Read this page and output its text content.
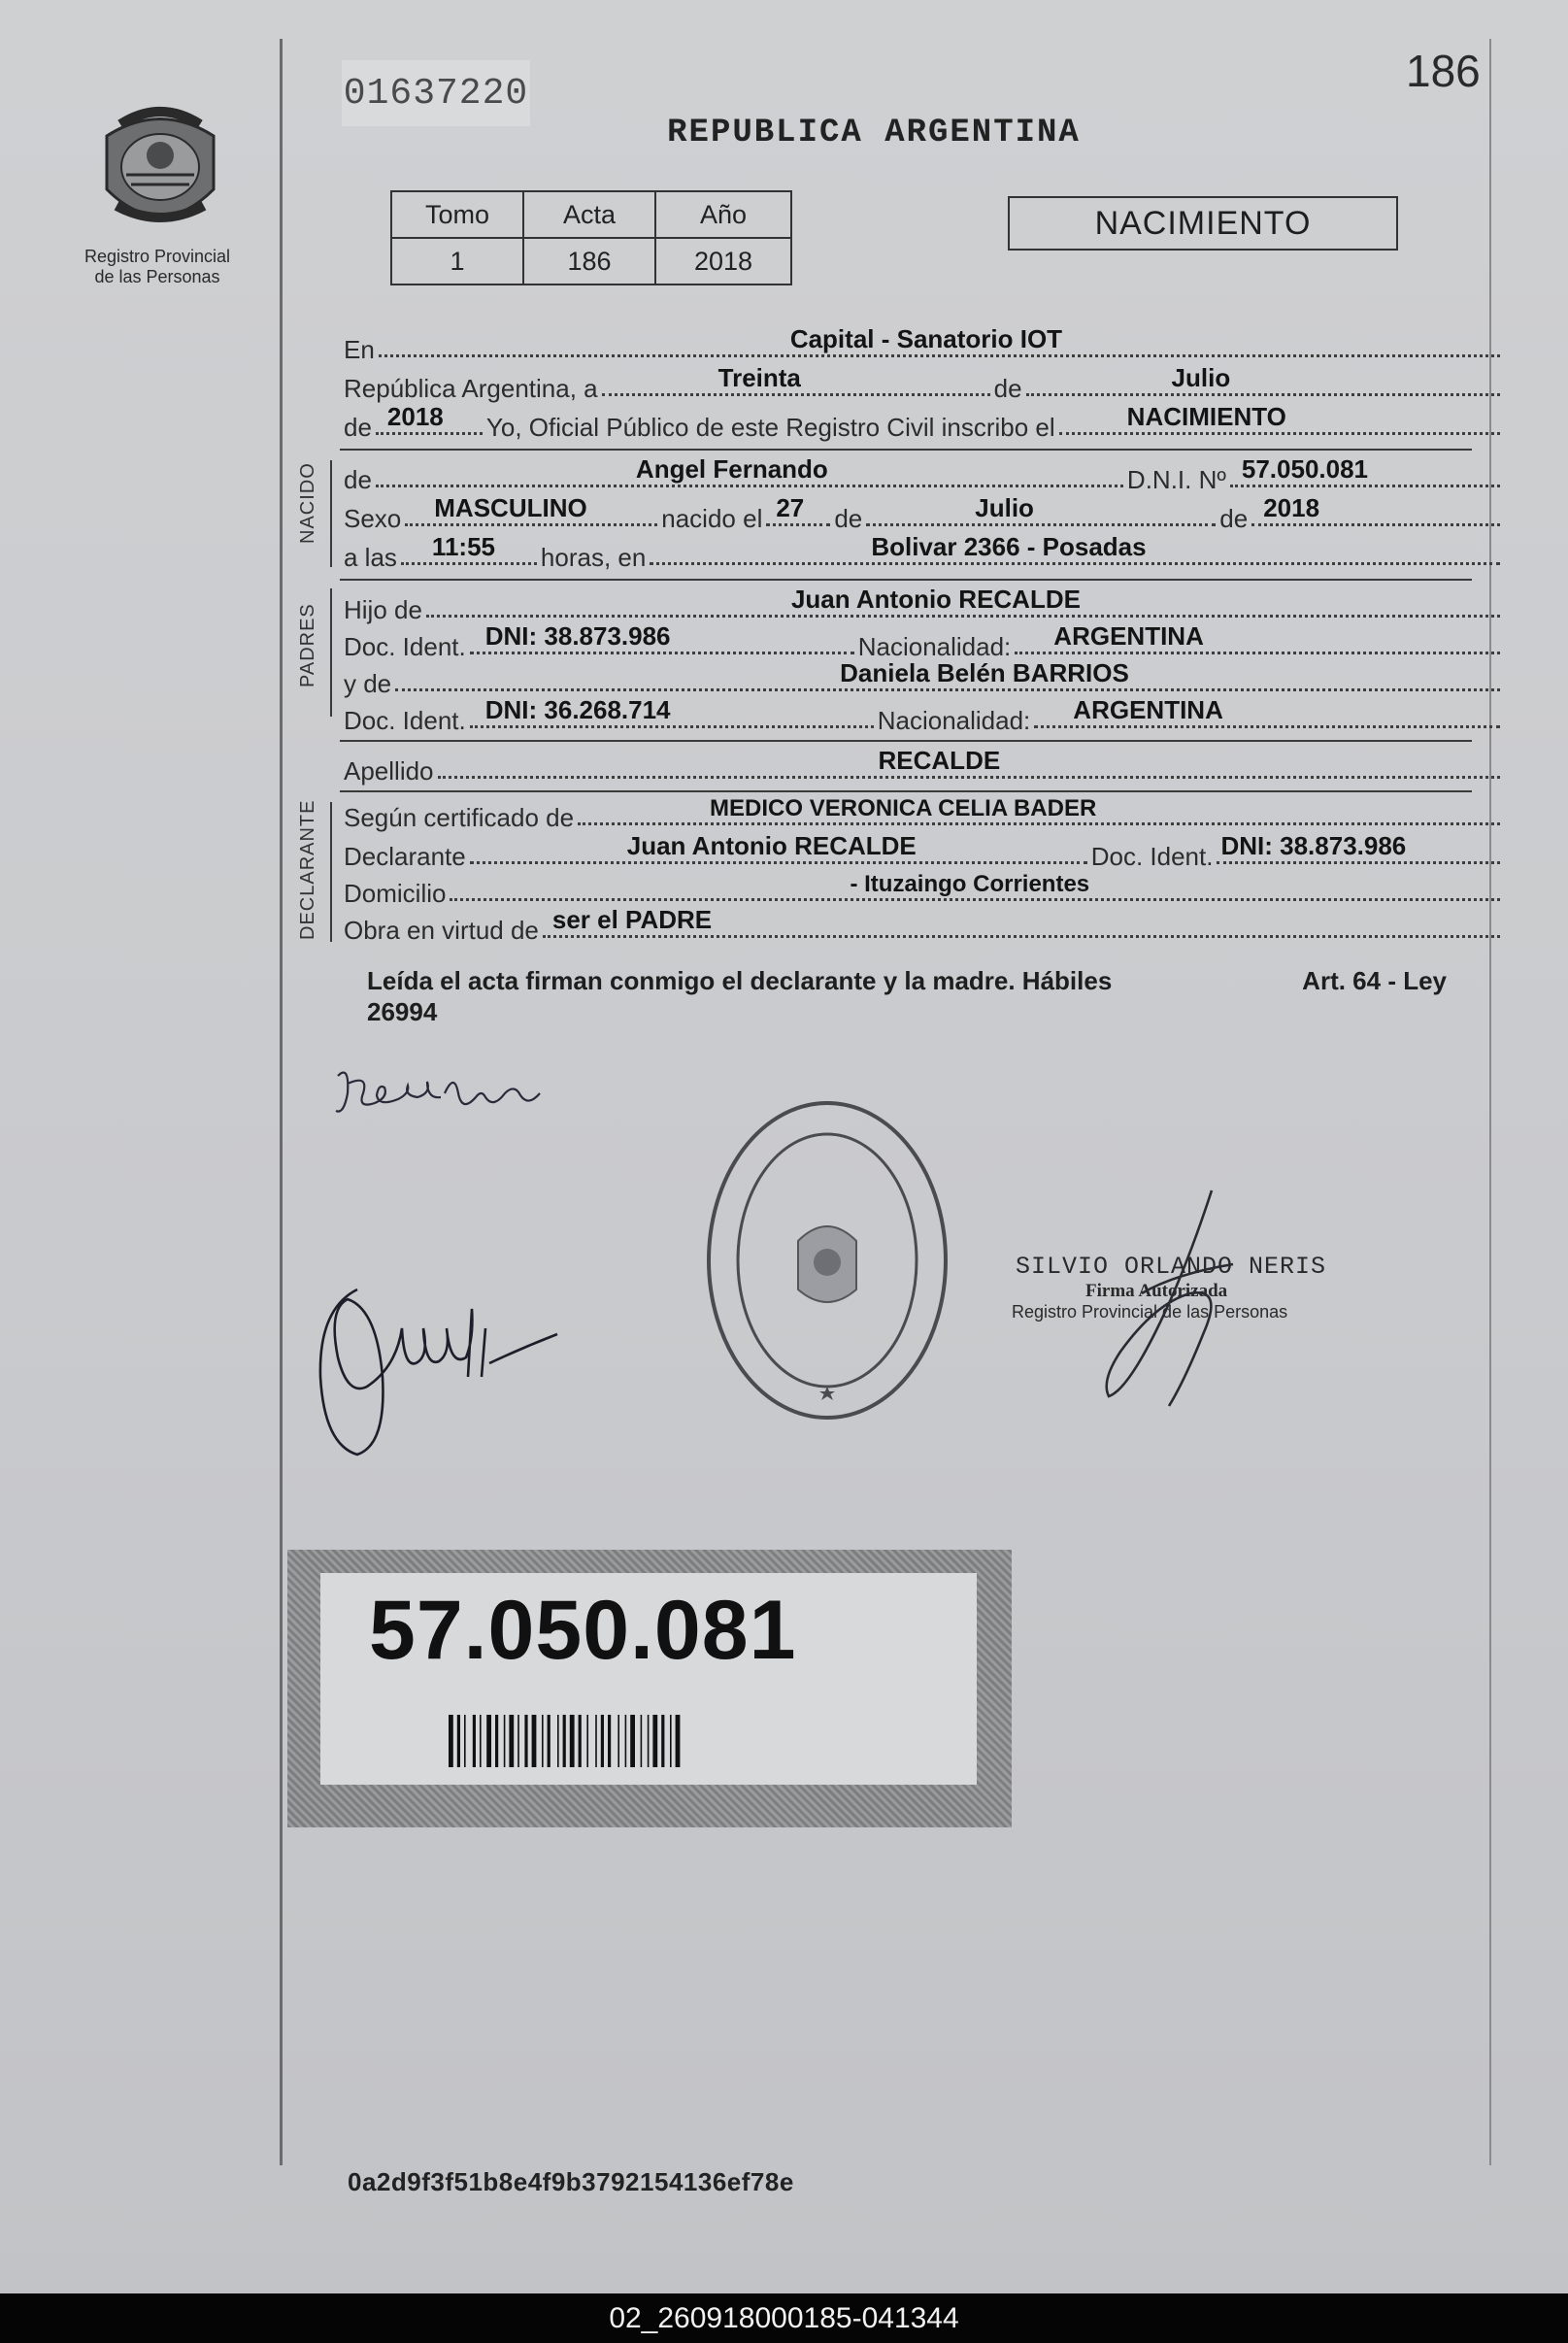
Registro Provincial
de las Personas
01637220	186
REPUBLICA ARGENTINA
Tomo	Acta	Año
1	186	2018
NACIMIENTO
En	Capital - Sanatorio IOT
República Argentina, a	Treinta	de	Julio
de 2018 Yo, Oficial Público de este Registro Civil inscribo el	NACIMIENTO
NACIDO de	Angel Fernando	D.N.I. Nº 57.050.081
Sexo MASCULINO	nacido el 27 de	Julio	de 2018
a las 11:55 horas, en	Bolivar 2366 - Posadas
PADRES Hijo de	Juan Antonio RECALDE
Doc. Ident. DNI: 38.873.986	Nacionalidad: ARGENTINA
y de	Daniela Belén BARRIOS
Doc. Ident. DNI: 36.268.714	Nacionalidad: ARGENTINA
Apellido	RECALDE
DECLARANTE Según certificado de	MEDICO VERONICA CELIA BADER
Declarante	Juan Antonio RECALDE	Doc. Ident. DNI: 38.873.986
Domicilio	- Ituzaingo Corrientes
Obra en virtud de ser el PADRE
Art. 64 - Ley
Leída el acta firman conmigo el declarante y la madre. Hábiles
26994
SILVIO ORLANDO NERIS
Firma Autorizada
Registro Provincial de las Personas
57.050.081
0a2d9f3f51b8e4f9b3792154136ef78e
02_260918000185-041344
